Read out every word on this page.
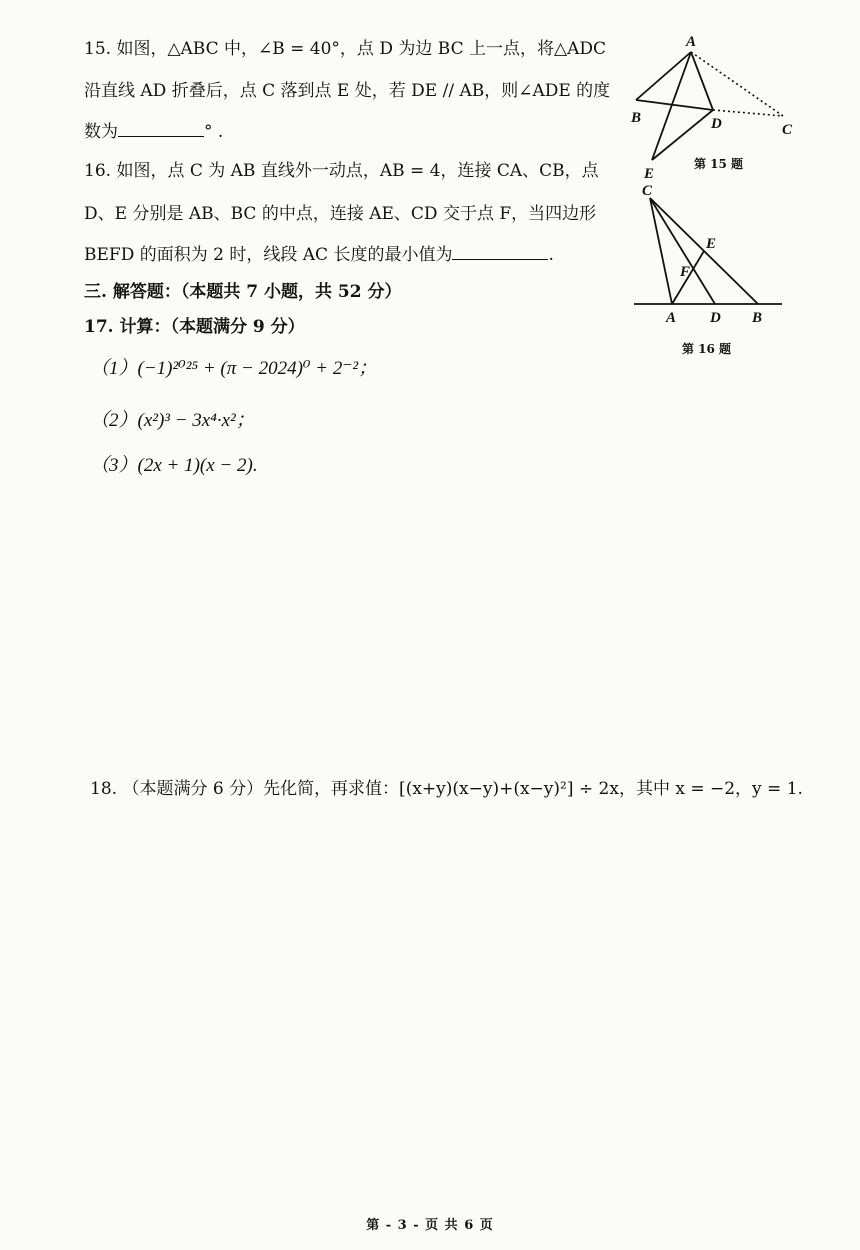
15. 如图，△ABC 中，∠B = 40°，点 D 为边 BC 上一点，将△ADC
沿直线 AD 折叠后，点 C 落到点 E 处，若 DE // AB，则∠ADE 的度
数为	° .
16. 如图，点 C 为 AB 直线外一动点，AB = 4，连接 CA、CB，点
D、E 分别是 AB、BC 的中点，连接 AE、CD 交于点 F，当四边形
BEFD 的面积为 2 时，线段 AC 长度的最小值为	.
三. 解答题：（本题共 7 小题，共 52 分）
17. 计算：（本题满分 9 分）
（1）(−1)²⁰²⁵ + (π − 2024)⁰ + 2⁻²；
（2）(x²)³ − 3x⁴·x²；
（3）(2x + 1)(x − 2).
18. （本题满分 6 分）先化简，再求值：[(x+y)(x−y)+(x−y)²] ÷ 2x，其中 x = −2，y = 1.
A
B	D	C
E
第 15 题
C
E
F
A D B
第 16 题
第 - 3 - 页 共 6 页
